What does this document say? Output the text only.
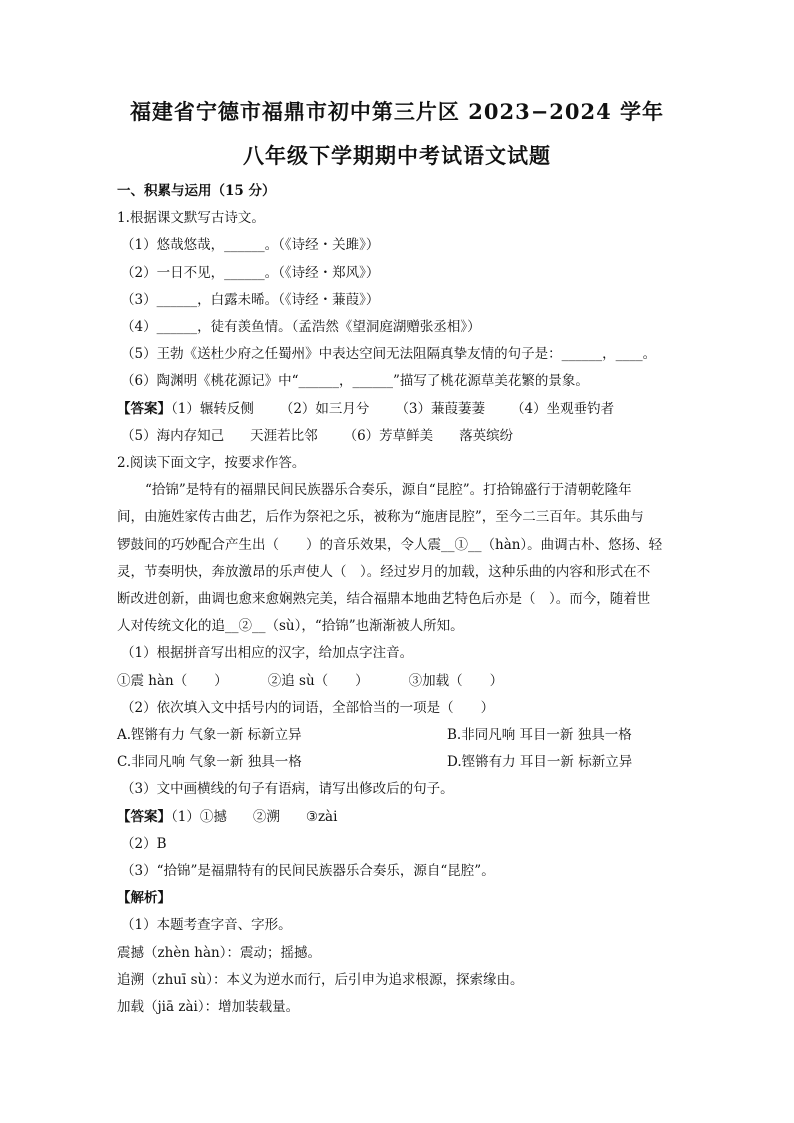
福建省宁德市福鼎市初中第三片区 2023−2024 学年
八年级下学期期中考试语文试题
一、积累与运用（15 分）
1.根据课文默写古诗文。
（1）悠哉悠哉，______。（《诗经・关雎》）
（2）一日不见，______。（《诗经・郑风》）
（3）______，白露未晞。（《诗经・蒹葭》）
（4）______，徒有羡鱼情。（孟浩然《望洞庭湖赠张丞相》）
（5）王勃《送杜少府之任蜀州》中表达空间无法阻隔真挚友情的句子是：______，____。
（6）陶渊明《桃花源记》中“______，______”描写了桃花源草美花繁的景象。
【答案】（1）辗转反侧 （2）如三月兮 （3）蒹葭萋萋 （4）坐观垂钓者
（5）海内存知己 天涯若比邻 （6）芳草鲜美 落英缤纷
2.阅读下面文字，按要求作答。
“拾锦”是特有的福鼎民间民族器乐合奏乐，源自“昆腔”。打拾锦盛行于清朝乾隆年
间，由施姓家传古曲艺，后作为祭祀之乐，被称为“施唐昆腔”，至今二三百年。其乐曲与
锣鼓间的巧妙配合产生出（　　）的音乐效果，令人震__①__（hàn）。曲调古朴、悠扬、轻
灵，节奏明快，奔放激昂的乐声使人（　）。经过岁月的加载，这种乐曲的内容和形式在不
断改进创新，曲调也愈来愈娴熟完美，结合福鼎本地曲艺特色后亦是（　）。而今，随着世
人对传统文化的追__②__（sù），“拾锦”也渐渐被人所知。
（1）根据拼音写出相应的汉字，给加点字注音。
①震 hàn（　　）	②追 sù（　　）	③加载（　　）
（2）依次填入文中括号内的词语，全部恰当的一项是（　　）
A.铿锵有力 气象一新 标新立异	B.非同凡响 耳目一新 独具一格
C.非同凡响 气象一新 独具一格	D.铿锵有力 耳目一新 标新立异
（3）文中画横线的句子有语病，请写出修改后的句子。
【答案】（1）①撼 ②溯 ③zài
（2）B
（3）“拾锦”是福鼎特有的民间民族器乐合奏乐，源自“昆腔”。
【解析】
（1）本题考查字音、字形。
震撼（zhèn hàn）：震动；摇撼。
追溯（zhuī sù）：本义为逆水而行，后引申为追求根源，探索缘由。
加载（jiā zài）：增加装载量。
